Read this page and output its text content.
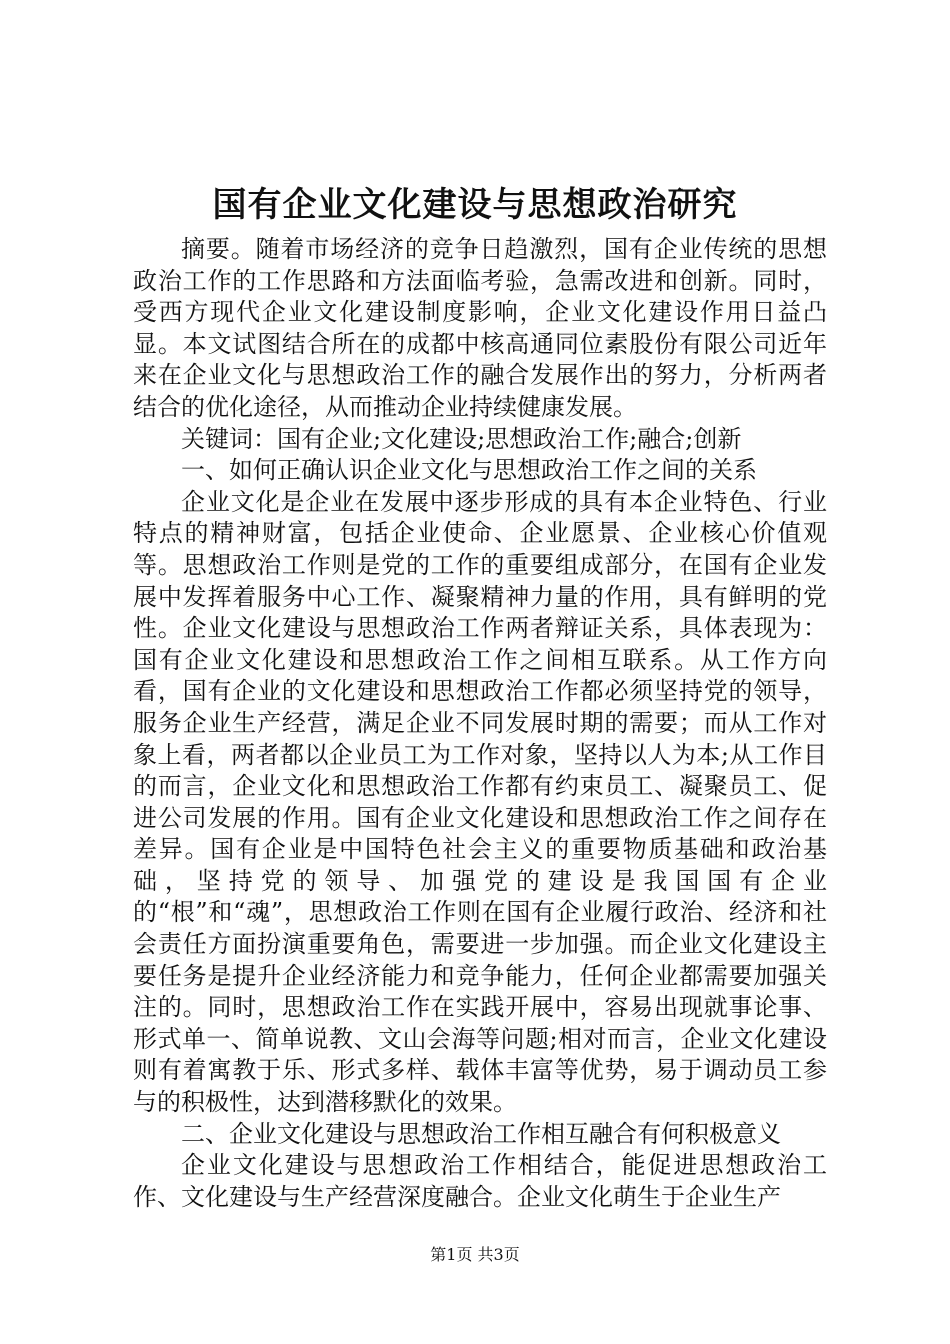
国有企业文化建设与思想政治研究

摘要。随着市场经济的竞争日趋激烈，国有企业传统的思想政治工作的工作思路和方法面临考验，急需改进和创新。同时，受西方现代企业文化建设制度影响，企业文化建设作用日益凸显。本文试图结合所在的成都中核高通同位素股份有限公司近年来在企业文化与思想政治工作的融合发展作出的努力，分析两者结合的优化途径，从而推动企业持续健康发展。

关键词：国有企业;文化建设;思想政治工作;融合;创新

一、如何正确认识企业文化与思想政治工作之间的关系

企业文化是企业在发展中逐步形成的具有本企业特色、行业特点的精神财富，包括企业使命、企业愿景、企业核心价值观等。思想政治工作则是党的工作的重要组成部分，在国有企业发展中发挥着服务中心工作、凝聚精神力量的作用，具有鲜明的党性。企业文化建设与思想政治工作两者辩证关系，具体表现为：国有企业文化建设和思想政治工作之间相互联系。从工作方向看，国有企业的文化建设和思想政治工作都必须坚持党的领导，服务企业生产经营，满足企业不同发展时期的需要；而从工作对象上看，两者都以企业员工为工作对象，坚持以人为本;从工作目的而言，企业文化和思想政治工作都有约束员工、凝聚员工、促进公司发展的作用。国有企业文化建设和思想政治工作之间存在差异。国有企业是中国特色社会主义的重要物质基础和政治基础，坚持党的领导、加强党的建设是我国国有企业的“根”和“魂”，思想政治工作则在国有企业履行政治、经济和社会责任方面扮演重要角色，需要进一步加强。而企业文化建设主要任务是提升企业经济能力和竞争能力，任何企业都需要加强关注的。同时，思想政治工作在实践开展中，容易出现就事论事、形式单一、简单说教、文山会海等问题;相对而言，企业文化建设则有着寓教于乐、形式多样、载体丰富等优势，易于调动员工参与的积极性，达到潜移默化的效果。

二、企业文化建设与思想政治工作相互融合有何积极意义

企业文化建设与思想政治工作相结合，能促进思想政治工作、文化建设与生产经营深度融合。企业文化萌生于企业生产

第1页 共3页
